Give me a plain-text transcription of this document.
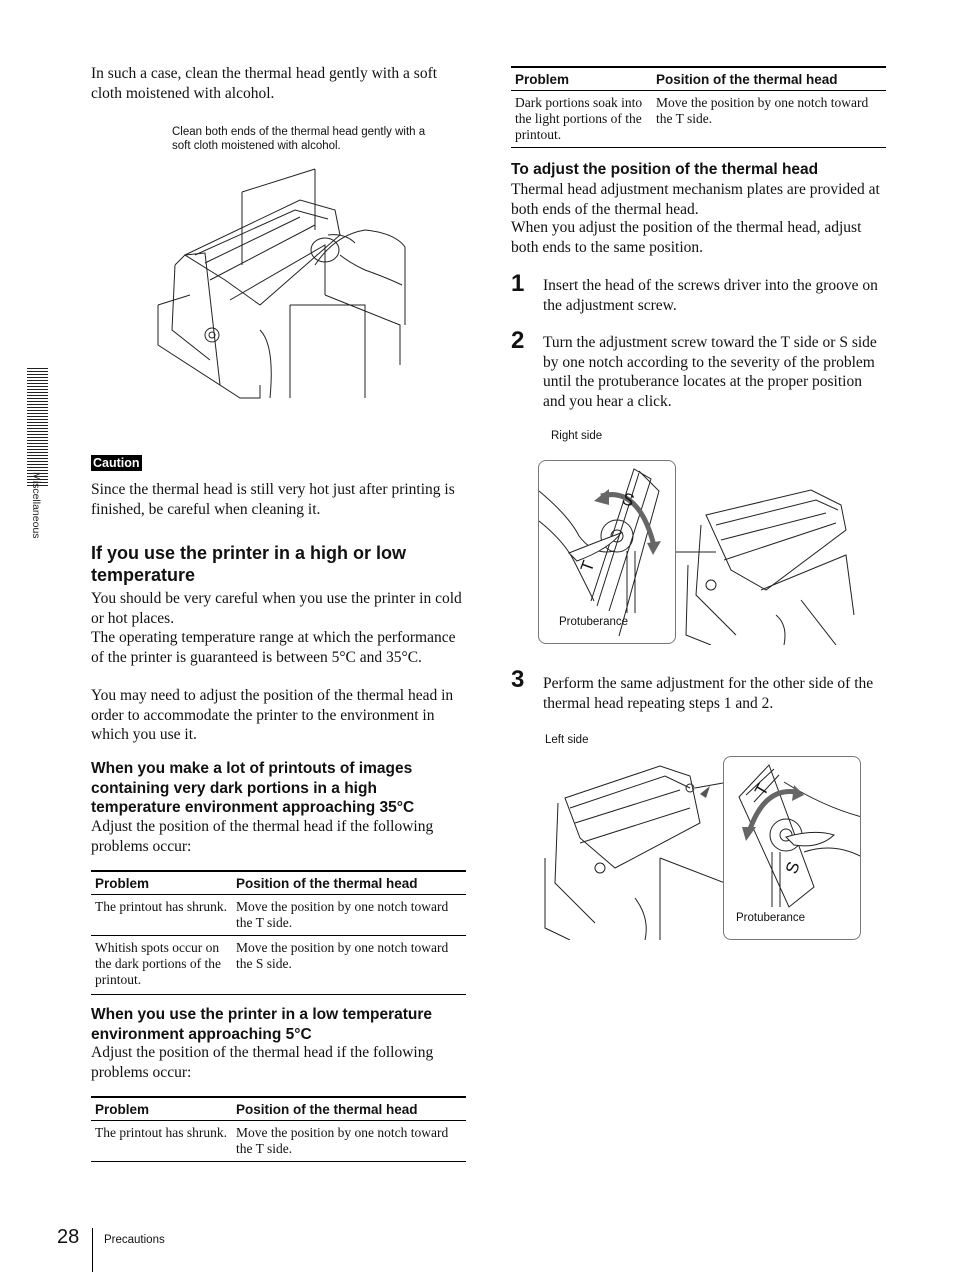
Miscellaneous

In such a case, clean the thermal head gently with a soft cloth moistened with alcohol.

Clean both ends of the thermal head gently with a soft cloth moistened with alcohol.

Caution

Since the thermal head is still very hot just after printing is finished, be careful when cleaning it.

If you use the printer in a high or low temperature

You should be very careful when you use the printer in cold or hot places.

The operating temperature range at which the performance of the printer is guaranteed is between 5°C and 35°C.

You may need to adjust the position of the thermal head in order to accommodate the printer to the environment in which you use it.

When you make a lot of printouts of images containing very dark portions in a high temperature environment approaching 35°C

Adjust the position of the thermal head if the following problems occur:

Problem	Position of the thermal head
The printout has shrunk.	Move the position by one notch toward the T side.
Whitish spots occur on the dark portions of the printout.	Move the position by one notch toward the S side.
When you use the printer in a low temperature environment approaching 5°C

Adjust the position of the thermal head if the following problems occur:

Problem	Position of the thermal head
The printout has shrunk.	Move the position by one notch toward the T side.
Problem	Position of the thermal head
Dark portions soak into the light portions of the printout.	Move the position by one notch toward the T side.
To adjust the position of the thermal head

Thermal head adjustment mechanism plates are provided at both ends of the thermal head.

When you adjust the position of the thermal head, adjust both ends to the same position.

1 Insert the head of the screws driver into the groove on the adjustment screw.

2 Turn the adjustment screw toward the T side or S side by one notch according to the severity of the problem until the protuberance locates at the proper position and you hear a click.

Right side

S
T
Protuberance
3 Perform the same adjustment for the other side of the thermal head repeating steps 1 and 2.

Left side

T
S
Protuberance
28 Precautions
